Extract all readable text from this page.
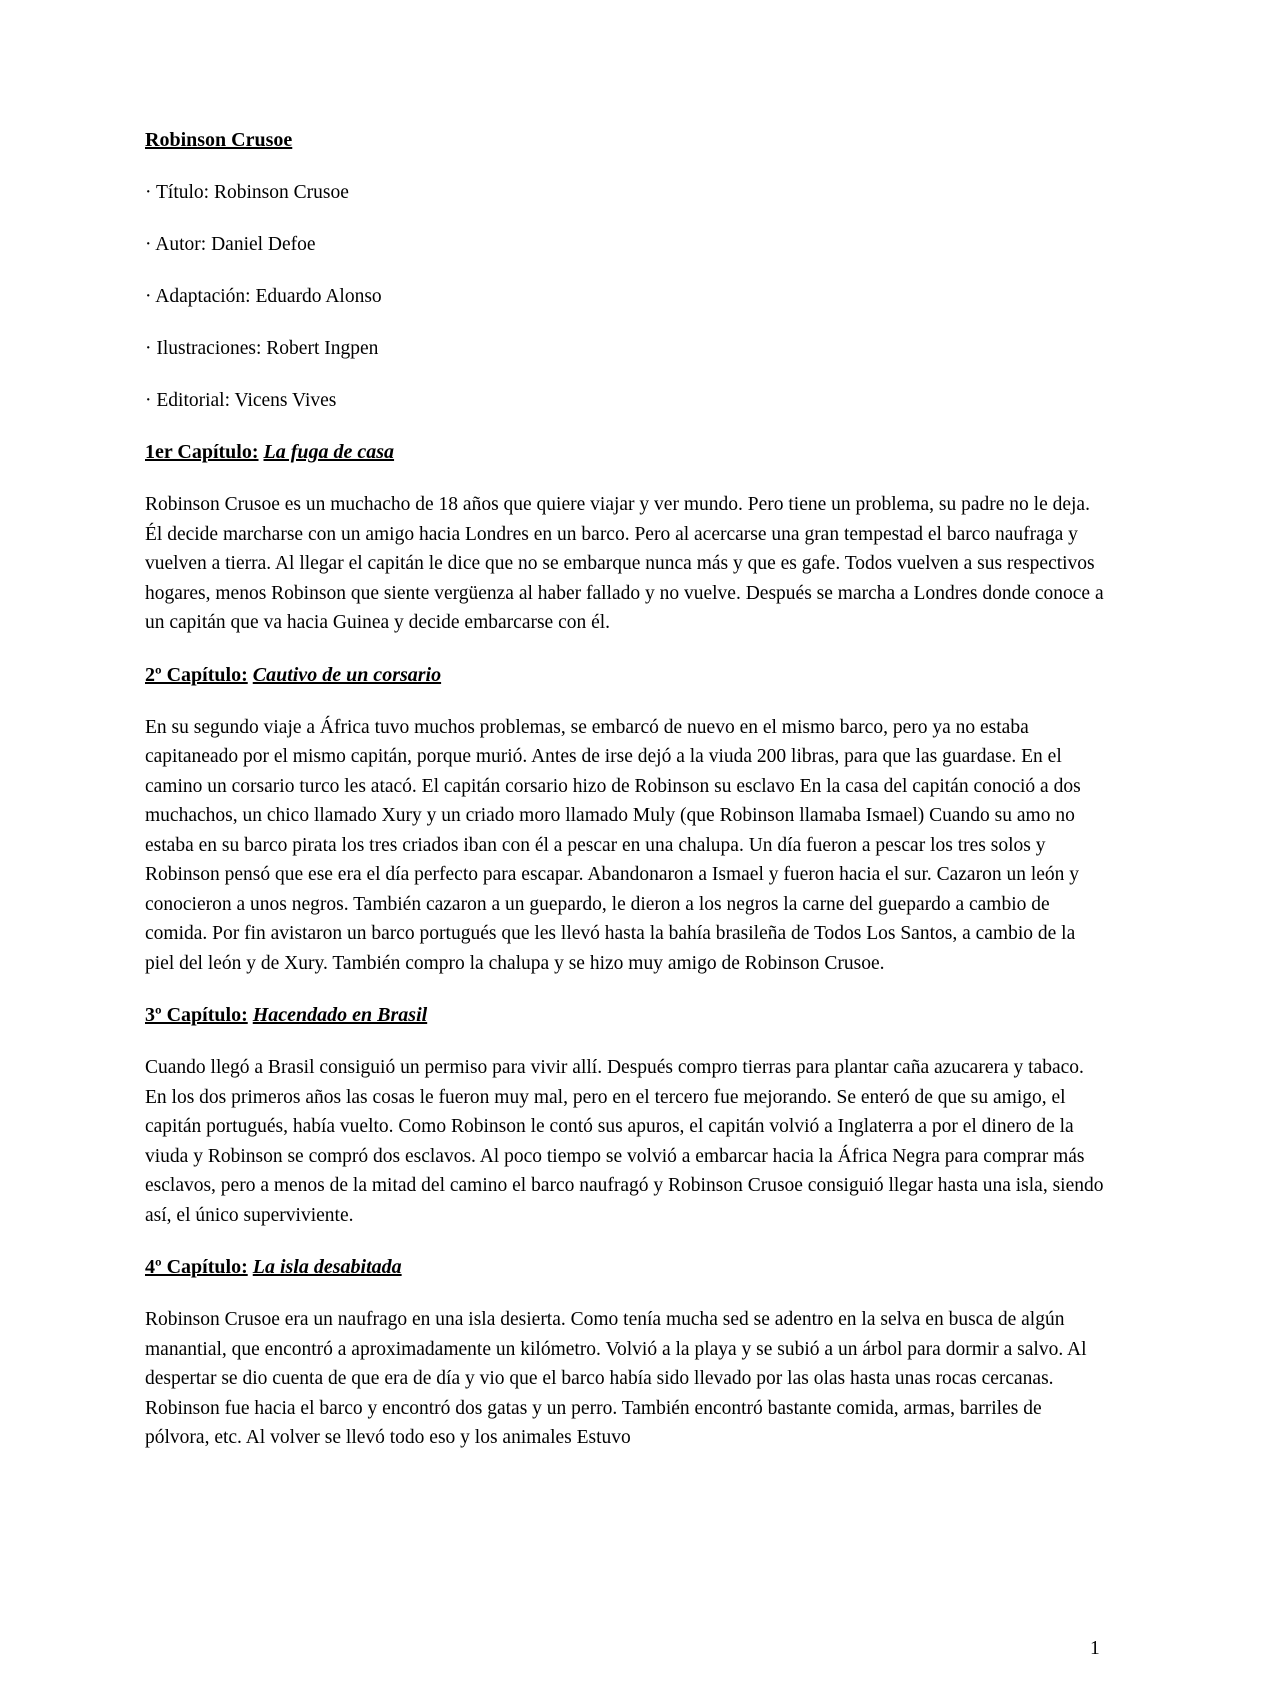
Robinson Crusoe

· Título: Robinson Crusoe

· Autor: Daniel Defoe

· Adaptación: Eduardo Alonso

· Ilustraciones: Robert Ingpen

· Editorial: Vicens Vives

1er Capítulo: La fuga de casa

Robinson Crusoe es un muchacho de 18 años que quiere viajar y ver mundo. Pero tiene un problema, su padre no le deja. Él decide marcharse con un amigo hacia Londres en un barco. Pero al acercarse una gran tempestad el barco naufraga y vuelven a tierra. Al llegar el capitán le dice que no se embarque nunca más y que es gafe. Todos vuelven a sus respectivos hogares, menos Robinson que siente vergüenza al haber fallado y no vuelve. Después se marcha a Londres donde conoce a un capitán que va hacia Guinea y decide embarcarse con él.

2º Capítulo: Cautivo de un corsario

En su segundo viaje a África tuvo muchos problemas, se embarcó de nuevo en el mismo barco, pero ya no estaba capitaneado por el mismo capitán, porque murió. Antes de irse dejó a la viuda 200 libras, para que las guardase. En el camino un corsario turco les atacó. El capitán corsario hizo de Robinson su esclavo En la casa del capitán conoció a dos muchachos, un chico llamado Xury y un criado moro llamado Muly (que Robinson llamaba Ismael) Cuando su amo no estaba en su barco pirata los tres criados iban con él a pescar en una chalupa. Un día fueron a pescar los tres solos y Robinson pensó que ese era el día perfecto para escapar. Abandonaron a Ismael y fueron hacia el sur. Cazaron un león y conocieron a unos negros. También cazaron a un guepardo, le dieron a los negros la carne del guepardo a cambio de comida. Por fin avistaron un barco portugués que les llevó hasta la bahía brasileña de Todos Los Santos, a cambio de la piel del león y de Xury. También compro la chalupa y se hizo muy amigo de Robinson Crusoe.

3º Capítulo: Hacendado en Brasil

Cuando llegó a Brasil consiguió un permiso para vivir allí. Después compro tierras para plantar caña azucarera y tabaco. En los dos primeros años las cosas le fueron muy mal, pero en el tercero fue mejorando. Se enteró de que su amigo, el capitán portugués, había vuelto. Como Robinson le contó sus apuros, el capitán volvió a Inglaterra a por el dinero de la viuda y Robinson se compró dos esclavos. Al poco tiempo se volvió a embarcar hacia la África Negra para comprar más esclavos, pero a menos de la mitad del camino el barco naufragó y Robinson Crusoe consiguió llegar hasta una isla, siendo así, el único superviviente.

4º Capítulo: La isla desabitada

Robinson Crusoe era un naufrago en una isla desierta. Como tenía mucha sed se adentro en la selva en busca de algún manantial, que encontró a aproximadamente un kilómetro. Volvió a la playa y se subió a un árbol para dormir a salvo. Al despertar se dio cuenta de que era de día y vio que el barco había sido llevado por las olas hasta unas rocas cercanas. Robinson fue hacia el barco y encontró dos gatas y un perro. También encontró bastante comida, armas, barriles de pólvora, etc. Al volver se llevó todo eso y los animales Estuvo

1
